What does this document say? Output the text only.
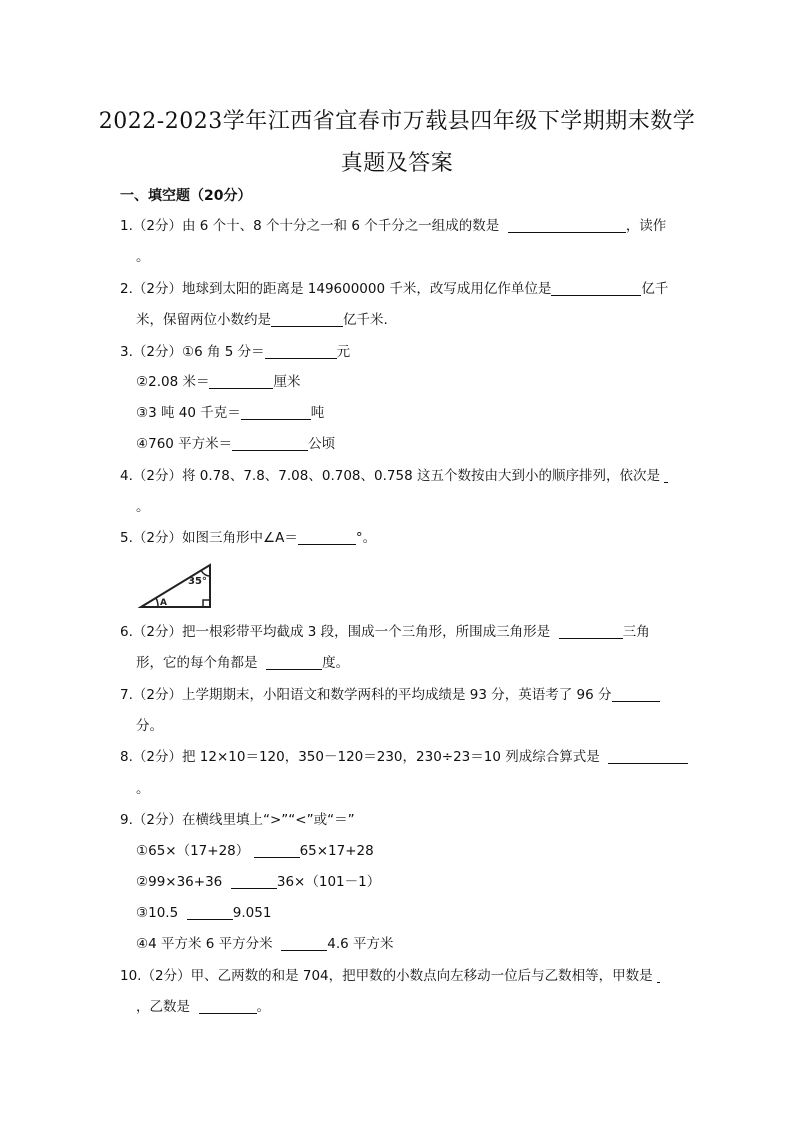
2022-2023学年江西省宜春市万载县四年级下学期期末数学
真题及答案
一、填空题（20分）
1.（2分）由 6 个十、8 个十分之一和 6 个千分之一组成的数是	，读作
。
2.（2分）地球到太阳的距离是 149600000 千米，改写成用亿作单位是	亿千
米，保留两位小数约是	亿千米.
3.（2分）①6 角 5 分＝	元
②2.08 米＝	厘米
③3 吨 40 千克＝	吨
④760 平方米＝	公顷
4.（2分）将 0.78、7.8、7.08、0.708、0.758 这五个数按由大到小的顺序排列，依次是
。
5.（2分）如图三角形中∠A＝	°。
A
35°
6.（2分）把一根彩带平均截成 3 段，围成一个三角形，所围成三角形是	三角
形，它的每个角都是	度。
7.（2分）上学期期末，小阳语文和数学两科的平均成绩是 93 分，英语考了 96 分
分。
8.（2分）把 12×10＝120，350－120＝230，230÷23＝10 列成综合算式是
。
9.（2分）在横线里填上“>”“<”或“＝”
①65×（17+28）	65×17+28
②99×36+36	36×（101－1）
③10.5	9.051
④4 平方米 6 平方分米	4.6 平方米
10.（2分）甲、乙两数的和是 704，把甲数的小数点向左移动一位后与乙数相等，甲数是
，乙数是	。
